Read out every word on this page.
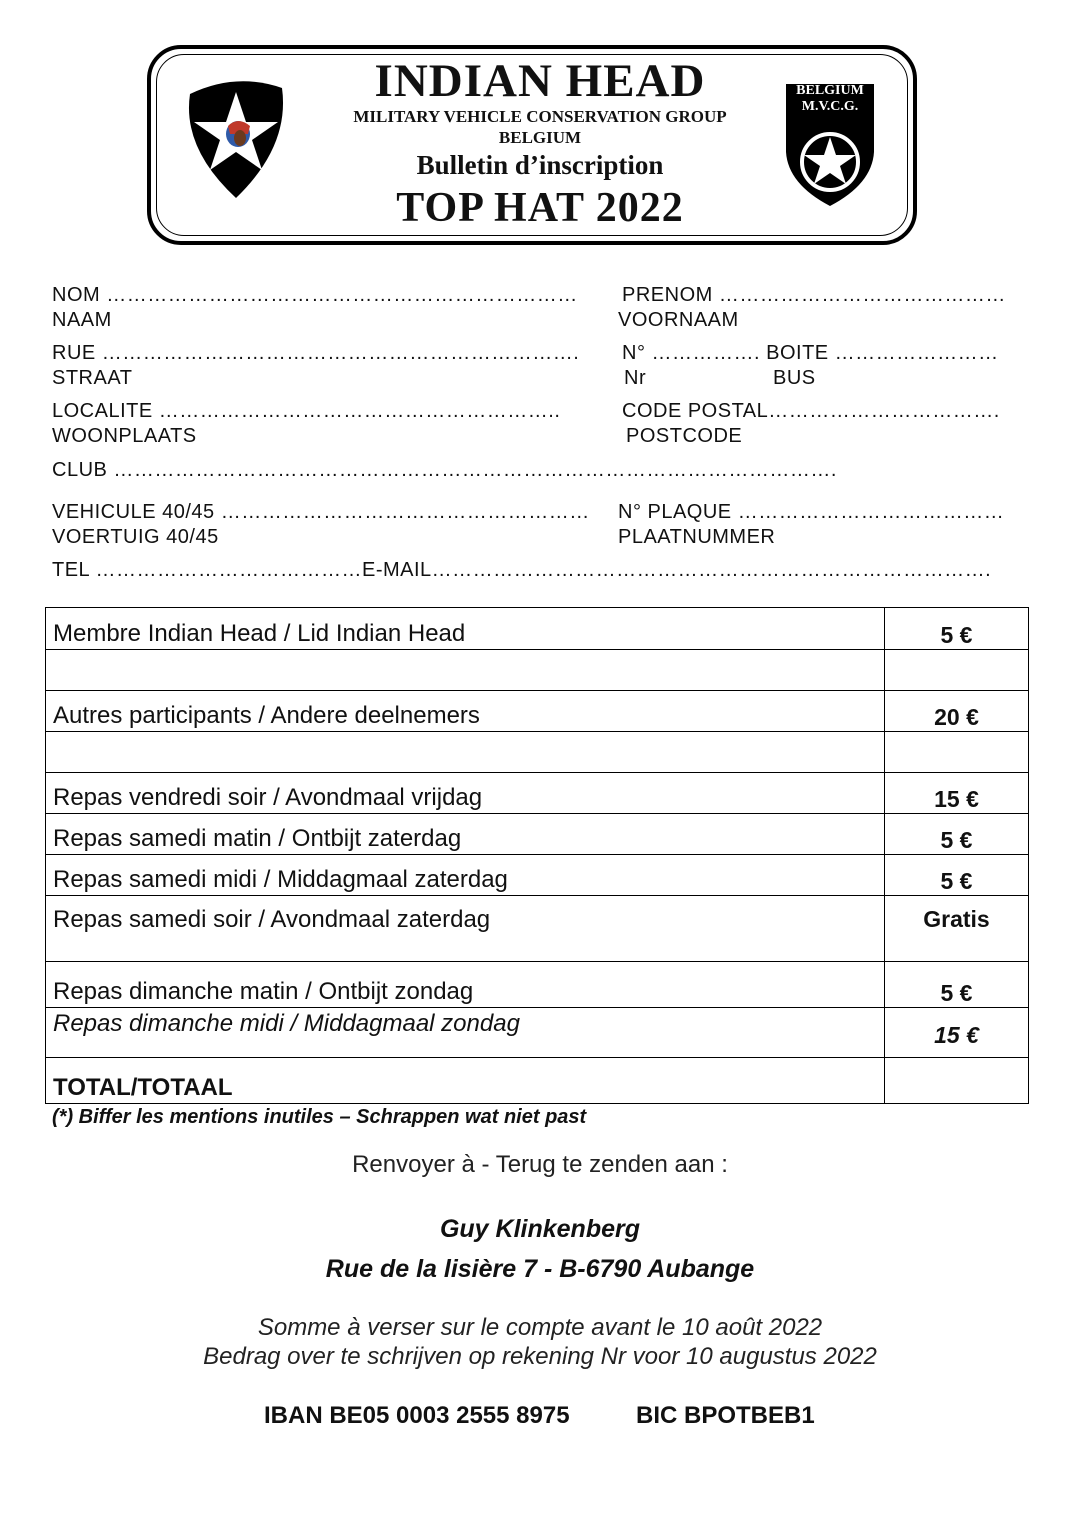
BELGIUM
M.V.C.G.
INDIAN HEAD
MILITARY VEHICLE CONSERVATION GROUP
BELGIUM
Bulletin d’inscription
TOP HAT 2022
NOM ……………………………………………………………
NAAM
PRENOM ……………………………………
VOORNAAM
RUE …………………………………………………………….
STRAAT
N° ……………. BOITE ……………………
Nr	BUS
LOCALITE …………………………………………………..
WOONPLAATS
CODE POSTAL…………………………….
POSTCODE
CLUB …………………………………………………………………………………………….
VEHICULE 40/45 ………………………………………………
VOERTUIG 40/45
N° PLAQUE …………………………………
PLAATNUMMER
TEL …………………………………E-MAIL……………………………………………………………………….
Membre Indian Head / Lid Indian Head	5 €

Autres participants / Andere deelnemers	20 €

Repas vendredi soir / Avondmaal vrijdag	15 €
Repas samedi matin / Ontbijt zaterdag	5 €
Repas samedi midi / Middagmaal zaterdag	5 €
Repas samedi soir / Avondmaal zaterdag	Gratis
Repas dimanche matin / Ontbijt zondag	5 €
Repas dimanche midi / Middagmaal zondag	15 €
TOTAL/TOTAAL	
(*) Biffer les mentions inutiles – Schrappen wat niet past
Renvoyer à - Terug te zenden aan :
Guy Klinkenberg
Rue de la lisière 7 - B-6790 Aubange
Somme à verser sur le compte avant le 10 août 2022
Bedrag over te schrijven op rekening Nr voor 10 augustus 2022
IBAN BE05 0003 2555 8975	BIC BPOTBEB1
